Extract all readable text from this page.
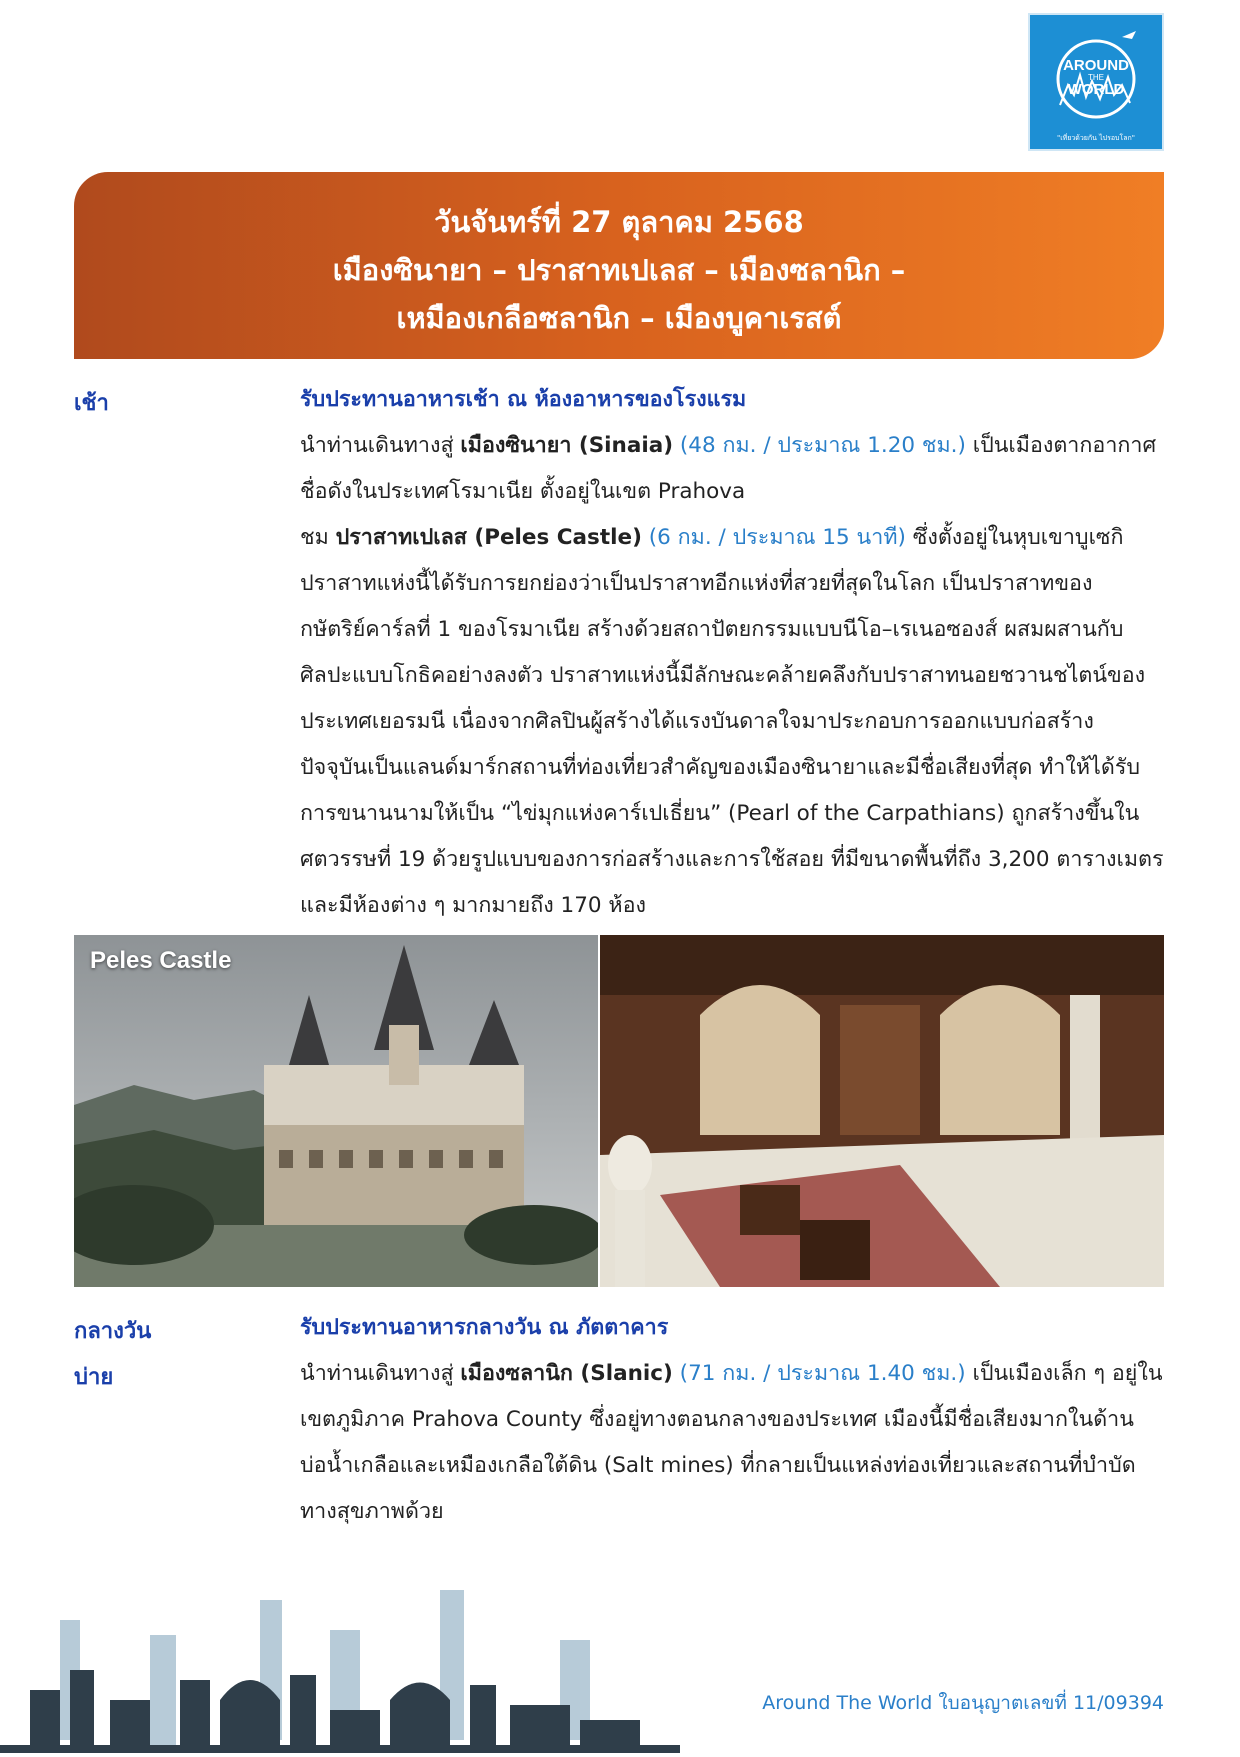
AROUND
THE
WORLD
"เที่ยวด้วยกัน ไปรอบโลก"
วันจันทร์ที่ 27 ตุลาคม 2568
เมืองซินายา – ปราสาทเปเลส – เมืองซลานิก –
เหมืองเกลือซลานิก – เมืองบูคาเรสต์
เช้า	รับประทานอาหารเช้า ณ ห้องอาหารของโรงแรม

นำท่านเดินทางสู่ เมืองซินายา (Sinaia) (48 กม. / ประมาณ 1.20 ชม.) เป็นเมืองตากอากาศ
ชื่อดังในประเทศโรมาเนีย ตั้งอยู่ในเขต Prahova

ชม ปราสาทเปเลส (Peles Castle) (6 กม. / ประมาณ 15 นาที) ซึ่งตั้งอยู่ในหุบเขาบูเซกิ
ปราสาทแห่งนี้ได้รับการยกย่องว่าเป็นปราสาทอีกแห่งที่สวยที่สุดในโลก เป็นปราสาทของ
กษัตริย์คาร์ลที่ 1 ของโรมาเนีย สร้างด้วยสถาปัตยกรรมแบบนีโอ–เรเนอซองส์ ผสมผสานกับ
ศิลปะแบบโกธิคอย่างลงตัว ปราสาทแห่งนี้มีลักษณะคล้ายคลึงกับปราสาทนอยชวานชไตน์ของ
ประเทศเยอรมนี เนื่องจากศิลปินผู้สร้างได้แรงบันดาลใจมาประกอบการออกแบบก่อสร้าง
ปัจจุบันเป็นแลนด์มาร์กสถานที่ท่องเที่ยวสำคัญของเมืองซินายาและมีชื่อเสียงที่สุด ทำให้ได้รับ
การขนานนามให้เป็น “ไข่มุกแห่งคาร์เปเธี่ยน” (Pearl of the Carpathians) ถูกสร้างขึ้นใน
ศตวรรษที่ 19 ด้วยรูปแบบของการก่อสร้างและการใช้สอย ที่มีขนาดพื้นที่ถึง 3,200 ตารางเมตร
และมีห้องต่าง ๆ มากมายถึง 170 ห้อง

Peles Castle
กลางวัน
บ่าย

รับประทานอาหารกลางวัน ณ ภัตตาคาร

นำท่านเดินทางสู่ เมืองซลานิก (Slanic) (71 กม. / ประมาณ 1.40 ชม.) เป็นเมืองเล็ก ๆ อยู่ใน
เขตภูมิภาค Prahova County ซึ่งอยู่ทางตอนกลางของประเทศ เมืองนี้มีชื่อเสียงมากในด้าน
บ่อน้ำเกลือและเหมืองเกลือใต้ดิน (Salt mines) ที่กลายเป็นแหล่งท่องเที่ยวและสถานที่บำบัด
ทางสุขภาพด้วย

Around The World ใบอนุญาตเลขที่ 11/09394
